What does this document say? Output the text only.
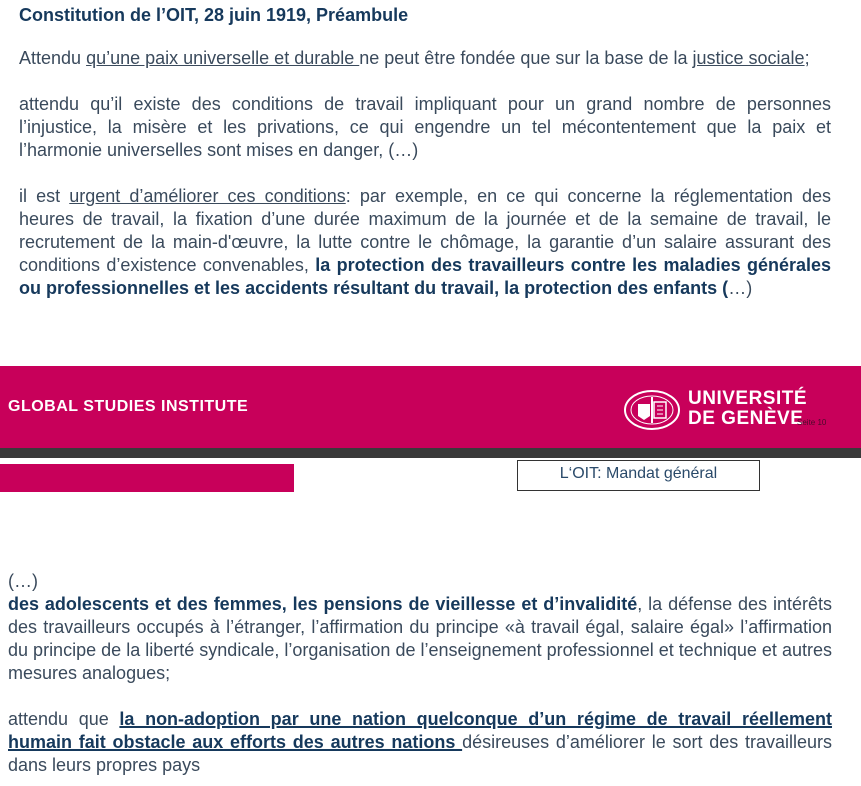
Constitution de l’OIT, 28 juin 1919, Préambule

Attendu qu’une paix universelle et durable ne peut être fondée que sur la base de la justice sociale;

attendu qu’il existe des conditions de travail impliquant pour un grand nombre de personnes l’injustice, la misère et les privations, ce qui engendre un tel mécontentement que la paix et l’harmonie universelles sont mises en danger, (…)

il est urgent d’améliorer ces conditions: par exemple, en ce qui concerne la réglementation des heures de travail, la fixation d’une durée maximum de la journée et de la semaine de travail, le recrutement de la main-d'œuvre, la lutte contre le chômage, la garantie d’un salaire assurant des conditions d’existence convenables, la protection des travailleurs contre les maladies générales ou professionnelles et les accidents résultant du travail, la protection des enfants (…)

GLOBAL STUDIES INSTITUTE	UNIVERSITÉ
DE GENÈVE
Seite 10
L‘OIT: Mandat général

(…)
des adolescents et des femmes, les pensions de vieillesse et d’invalidité, la défense des intérêts des travailleurs occupés à l’étranger, l’affirmation du principe «à travail égal, salaire égal» l’affirmation du principe de la liberté syndicale, l’organisation de l’enseignement professionnel et technique et autres mesures analogues;

attendu que la non-adoption par une nation quelconque d’un régime de travail réellement humain fait obstacle aux efforts des autres nations désireuses d’améliorer le sort des travailleurs dans leurs propres pays
